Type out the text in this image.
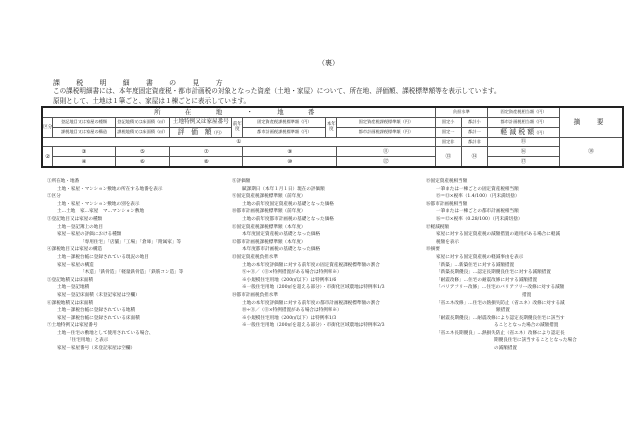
（裏）
課 税 明 細 書 の 見 方
この課税明細書には、本年度固定資産税・都市計画税の対象となった資産（土地・家屋）について、所在地、評価額、課税標準額等を表示しています。
原則として、土地は１筆ごと、家屋は１棟ごとに表示しています。
所　在　地　・　地　番								負担水準		固定資産税相当額（円）	摘　要
区分	登記地目又は家屋の種類	登記地積又は床面積（㎡）	土地特例又は家屋番号	前年度	固定資産税課税標準額（円）	本年度	固定資産税課税標準額（円）	固定小	都計小	都市計画税相当額（円）	
	課税地目又は家屋の構造	課税地積又は床面積（㎡）	評　価　額（円）		都市計画税課税標準額（円）		都市計画税課税標準額（円）	固定一	都計一	軽 減 税 額（円）	
①								固定非	都計非	⑮	⑱
②	③	⑤	⑦		⑨		⑪	⑬	⑭	⑯	
	④	⑥	⑧		⑩		⑫			⑰	
①所在地・地番
土地・家屋・マンション敷地の所在する地番を表示
②区分
土地・家屋・マンション敷地の別を表示
土…土地　家…家屋　マ…マンション敷地
③登記地目又は家屋の種類
土地－登記簿上の地目
家屋－家屋の評価における種類
「専用住宅」「店舗」「工場」「倉庫」「附属家」等
④課税地目又は家屋の構造
土地－課税台帳に登録されている現況の地目
家屋－家屋の構造
「木造」「鉄骨造」「軽量鉄骨造」「鉄筋コン造」等
⑤登記地積又は床面積
土地－登記地積
家屋－登記床面積（未登記家屋は空欄）
⑥課税地積又は床面積
土地－課税台帳に登録されている地積
家屋－課税台帳に登録されている床面積
⑦土地特例又は家屋番号
土地－住宅の敷地として使用されている場合、
「住宅用地」と表示
家屋－家屋番号（未登記家屋は空欄）
⑧評価額
賦課期日（本年１月１日）現在の評価額
⑨固定資産税課税標準額（前年度）
土地の前年度固定資産税の基礎となった価格
⑩都市計画税課税標準額（前年度）
土地の前年度都市計画税の基礎となった価格
⑪固定資産税課税標準額（本年度）
本年度固定資産税の基礎となった価格
⑫都市計画税課税標準額（本年度）
本年度都市計画税の基礎となった価格
⑬固定資産税負担水準
土地の本年度評価額に対する前年度の固定資産税課税標準額の割合
⑨÷⑧／（⑧×特例措置がある場合は特例率※）
※小規模住宅用地（200㎡以下）は特例率1/6
※一般住宅用地（200㎡を超える部分）・市街化区域農地は特例率1/3
⑭都市計画税負担水準
土地の本年度評価額に対する前年度の都市計画税課税標準額の割合
⑩÷⑧／（⑧×特例措置がある場合は特例率※）
※小規模住宅用地（200㎡以下）は特例率1/3
※一般住宅用地（200㎡を超える部分）・市街化区域農地は特例率2/3
⑮固定資産税相当額
一筆または一棟ごとの固定資産税相当額
⑮＝⑪×税率（1.4/100）（円未満切捨）
⑯都市計画税相当額
一筆または一棟ごとの都市計画税相当額
⑯＝⑫×税率（0.28/100）（円未満切捨）
⑰軽減税額
家屋に対する固定資産税の減額措置の適用がある場合に軽減
税額を表示
⑱摘要
家屋に対する固定資産税の軽減事由を表示
「新築」…新築住宅に対する減額措置
「新築長期優良」…認定長期優良住宅に対する減額措置
「耐震改修」…住宅の耐震改修に対する減額措置
「バリアフリー改修」…住宅のバリアフリー改修に対する減額
措置
「省エネ改修」…住宅の熱損失防止（省エネ）改修に対する減
額措置
「耐震長期優良」…耐震改修により認定長期優良住宅に該当す
ることとなった場合の減額措置
「省エネ長期優良」…熱損失防止（省エネ）改修により認定長
期優良住宅に該当することとなった場合
の減額措置
